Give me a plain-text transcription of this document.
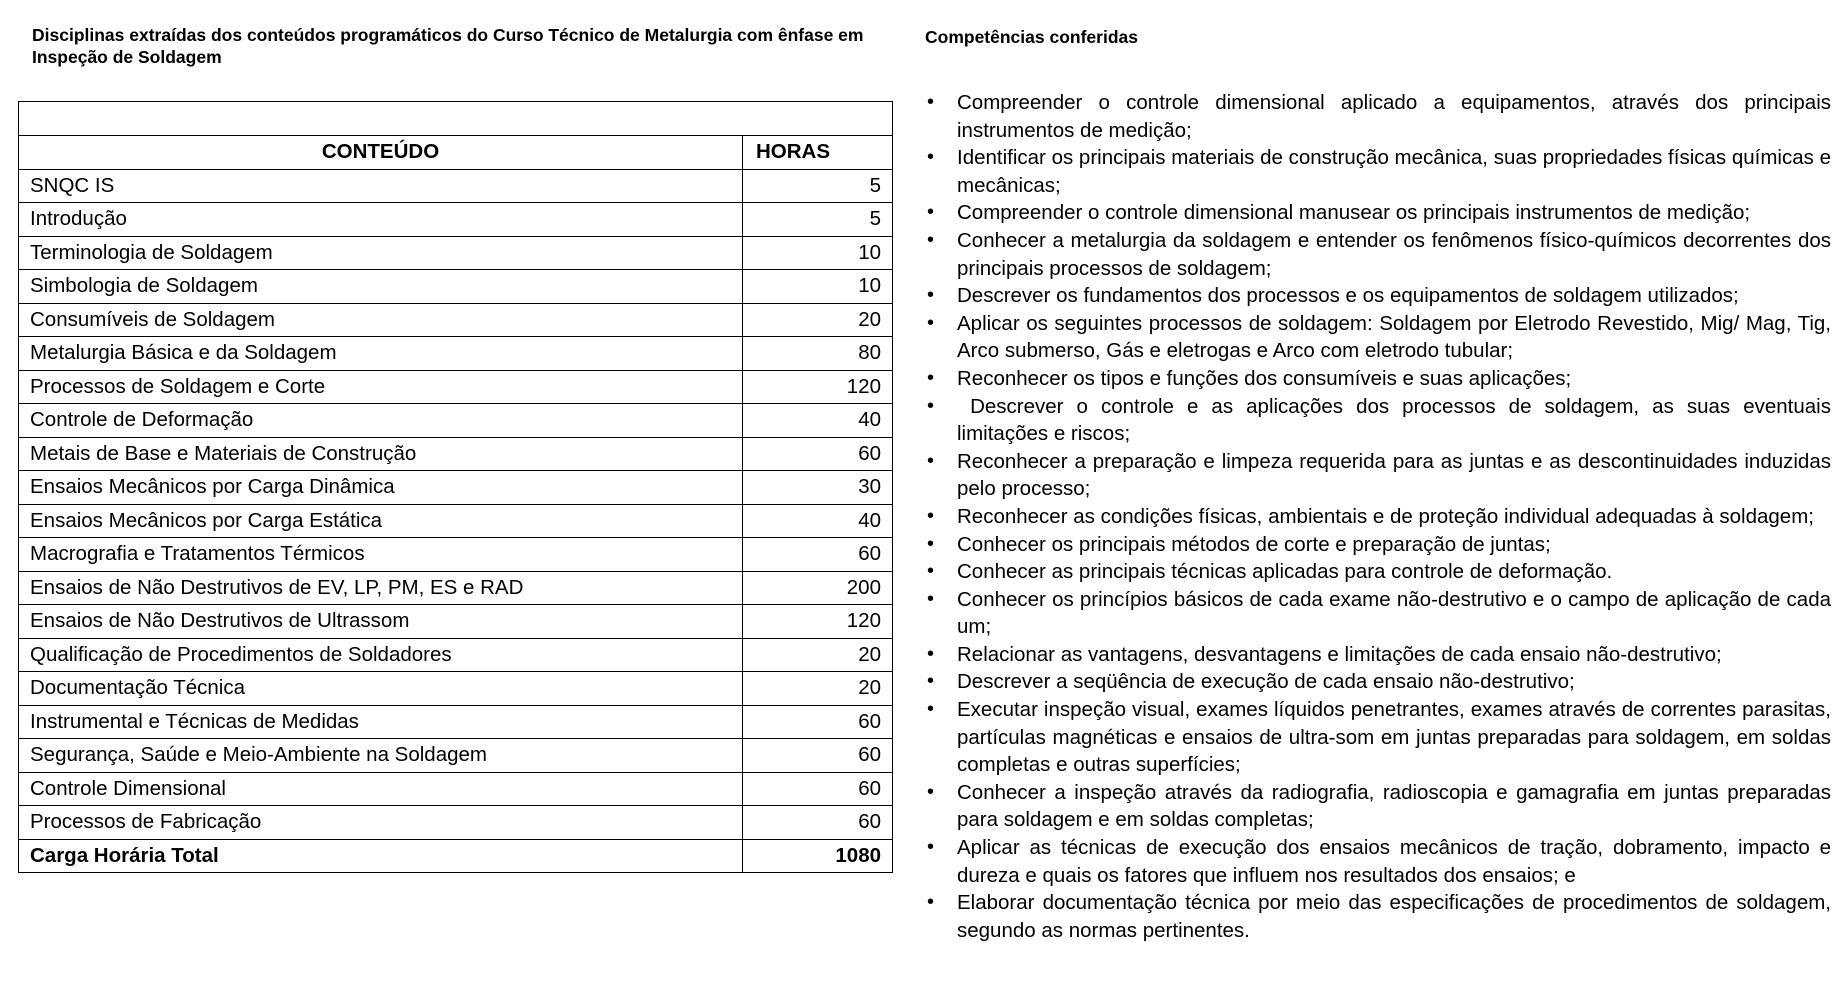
Disciplinas extraídas dos conteúdos programáticos do Curso Técnico de Metalurgia com ênfase em Inspeção de Soldagem

CONTEÚDO	HORAS
SNQC IS	5
Introdução	5
Terminologia de Soldagem	10
Simbologia de Soldagem	10
Consumíveis de Soldagem	20
Metalurgia Básica e da Soldagem	80
Processos de Soldagem e Corte	120
Controle de Deformação	40
Metais de Base e Materiais de Construção	60
Ensaios Mecânicos por Carga Dinâmica	30
Ensaios Mecânicos por Carga Estática	40
Macrografia e Tratamentos Térmicos	60
Ensaios de Não Destrutivos de EV, LP, PM, ES e RAD	200
Ensaios de Não Destrutivos de Ultrassom	120
Qualificação de Procedimentos de Soldadores	20
Documentação Técnica	20
Instrumental e Técnicas de Medidas	60
Segurança, Saúde e Meio-Ambiente na Soldagem	60
Controle Dimensional	60
Processos de Fabricação	60
Carga Horária Total	1080
Competências conferidas
• Compreender o controle dimensional aplicado a equipamentos, através dos principais instrumentos de medição;
• Identificar os principais materiais de construção mecânica, suas propriedades físicas químicas e mecânicas;
• Compreender o controle dimensional manusear os principais instrumentos de medição;
• Conhecer a metalurgia da soldagem e entender os fenômenos físico-químicos decorrentes dos principais processos de soldagem;
• Descrever os fundamentos dos processos e os equipamentos de soldagem utilizados;
• Aplicar os seguintes processos de soldagem: Soldagem por Eletrodo Revestido, Mig/ Mag, Tig, Arco submerso, Gás e eletrogas e Arco com eletrodo tubular;
• Reconhecer os tipos e funções dos consumíveis e suas aplicações;
• Descrever o controle e as aplicações dos processos de soldagem, as suas eventuais limitações e riscos;
• Reconhecer a preparação e limpeza requerida para as juntas e as descontinuidades induzidas pelo processo;
• Reconhecer as condições físicas, ambientais e de proteção individual adequadas à soldagem;
• Conhecer os principais métodos de corte e preparação de juntas;
• Conhecer as principais técnicas aplicadas para controle de deformação.
• Conhecer os princípios básicos de cada exame não-destrutivo e o campo de aplicação de cada um;
• Relacionar as vantagens, desvantagens e limitações de cada ensaio não-destrutivo;
• Descrever a seqüência de execução de cada ensaio não-destrutivo;
• Executar inspeção visual, exames líquidos penetrantes, exames através de correntes parasitas, partículas magnéticas e ensaios de ultra-som em juntas preparadas para soldagem, em soldas completas e outras superfícies;
• Conhecer a inspeção através da radiografia, radioscopia e gamagrafia em juntas preparadas para soldagem e em soldas completas;
• Aplicar as técnicas de execução dos ensaios mecânicos de tração, dobramento, impacto e dureza e quais os fatores que influem nos resultados dos ensaios; e
• Elaborar documentação técnica por meio das especificações de procedimentos de soldagem, segundo as normas pertinentes.
